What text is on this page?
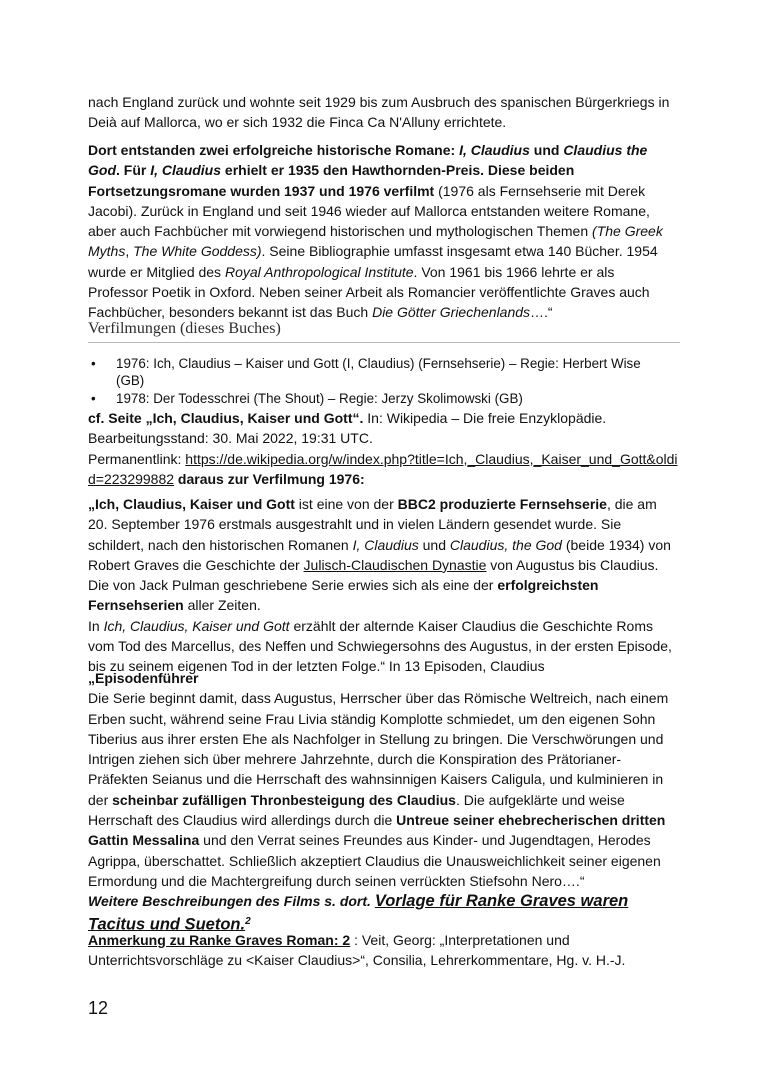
nach England zurück und wohnte seit 1929 bis zum Ausbruch des spanischen Bürgerkriegs in

Deià auf Mallorca, wo er sich 1932 die Finca Ca N'Alluny errichtete.

Dort entstanden zwei erfolgreiche historische Romane: I, Claudius und Claudius the God. Für I, Claudius erhielt er 1935 den Hawthornden-Preis. Diese beiden Fortsetzungsromane wurden 1937 und 1976 verfilmt (1976 als Fernsehserie mit Derek Jacobi). Zurück in England und seit 1946 wieder auf Mallorca entstanden weitere Romane, aber auch Fachbücher mit vorwiegend historischen und mythologischen Themen (The Greek Myths, The White Goddess). Seine Bibliographie umfasst insgesamt etwa 140 Bücher. 1954 wurde er Mitglied des Royal Anthropological Institute. Von 1961 bis 1966 lehrte er als Professor Poetik in Oxford. Neben seiner Arbeit als Romancier veröffentlichte Graves auch Fachbücher, besonders bekannt ist das Buch Die Götter Griechenlands….“

Verfilmungen (dieses Buches)
• 1976: Ich, Claudius – Kaiser und Gott (I, Claudius) (Fernsehserie) – Regie: Herbert Wise (GB)
• 1978: Der Todesschrei (The Shout) – Regie: Jerzy Skolimowski (GB)

cf. Seite „Ich, Claudius, Kaiser und Gott“. In: Wikipedia – Die freie Enzyklopädie. Bearbeitungsstand: 30. Mai 2022, 19:31 UTC.
Permanentlink: https://de.wikipedia.org/w/index.php?title=Ich,_Claudius,_Kaiser_und_Gott&oldid=223299882 daraus zur Verfilmung 1976:

„Ich, Claudius, Kaiser und Gott ist eine von der BBC2 produzierte Fernsehserie, die am 20. September 1976 erstmals ausgestrahlt und in vielen Ländern gesendet wurde. Sie schildert, nach den historischen Romanen I, Claudius und Claudius, the God (beide 1934) von Robert Graves die Geschichte der Julisch-Claudischen Dynastie von Augustus bis Claudius. Die von Jack Pulman geschriebene Serie erwies sich als eine der erfolgreichsten Fernsehserien aller Zeiten.
In Ich, Claudius, Kaiser und Gott erzählt der alternde Kaiser Claudius die Geschichte Roms vom Tod des Marcellus, des Neffen und Schwiegersohns des Augustus, in der ersten Episode, bis zu seinem eigenen Tod in der letzten Folge.“ In 13 Episoden, Claudius

„Episodenführer

Die Serie beginnt damit, dass Augustus, Herrscher über das Römische Weltreich, nach einem Erben sucht, während seine Frau Livia ständig Komplotte schmiedet, um den eigenen Sohn Tiberius aus ihrer ersten Ehe als Nachfolger in Stellung zu bringen. Die Verschwörungen und Intrigen ziehen sich über mehrere Jahrzehnte, durch die Konspiration des Prätorianer-Präfekten Seianus und die Herrschaft des wahnsinnigen Kaisers Caligula, und kulminieren in der scheinbar zufälligen Thronbesteigung des Claudius. Die aufgeklärte und weise Herrschaft des Claudius wird allerdings durch die Untreue seiner ehebrecherischen dritten Gattin Messalina und den Verrat seines Freundes aus Kinder- und Jugendtagen, Herodes Agrippa, überschattet. Schließlich akzeptiert Claudius die Unausweichlichkeit seiner eigenen Ermordung und die Machtergreifung durch seinen verrückten Stiefsohn Nero….“

Weitere Beschreibungen des Films s. dort. Vorlage für Ranke Graves waren Tacitus und Sueton.$^2$

Anmerkung zu Ranke Graves Roman: 2 : Veit, Georg: „Interpretationen und Unterrichtsvorschläge zu <Kaiser Claudius>“, Consilia, Lehrerkommentare, Hg. v. H.-J.

12
